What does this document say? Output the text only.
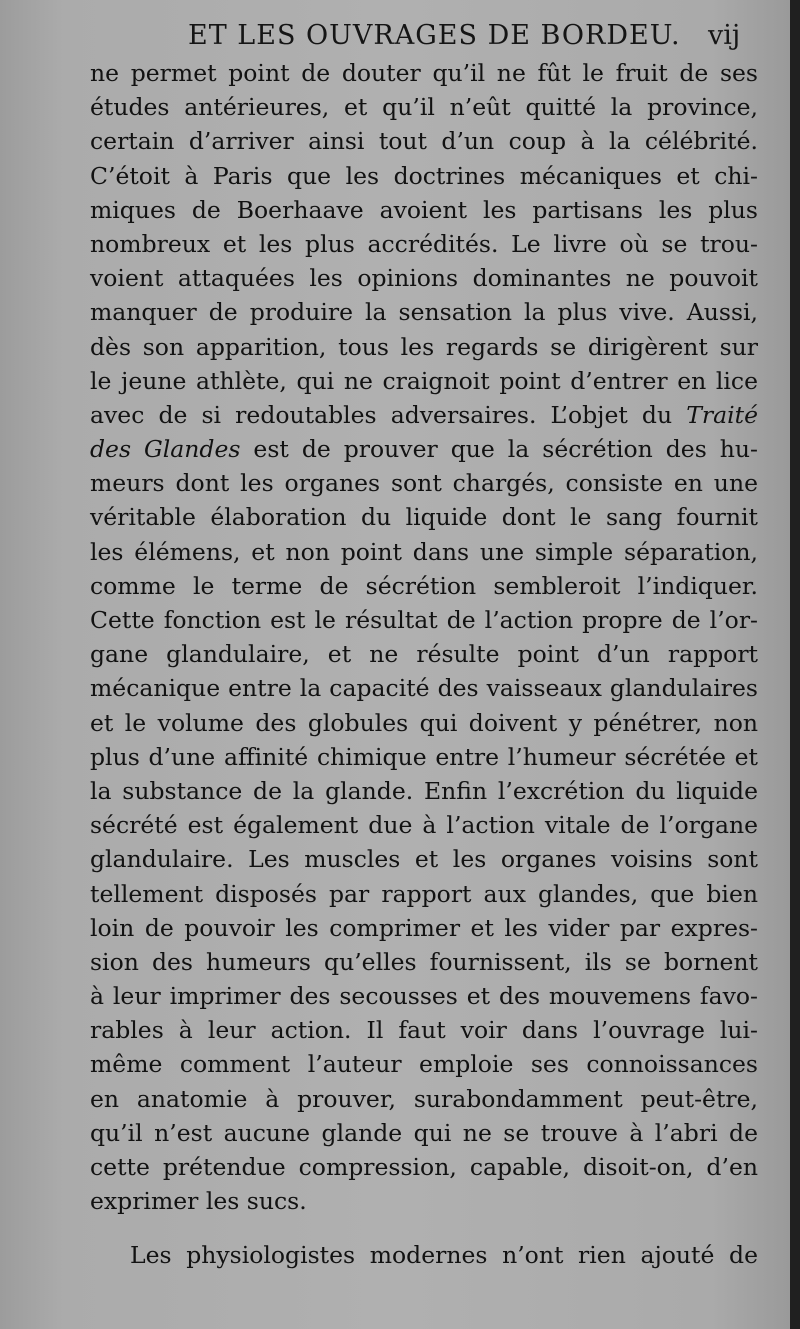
ET LES OUVRAGES DE BORDEU. vij
ne permet point de douter qu’il ne fût le fruit de ses
études antérieures, et qu’il n’eût quitté la province,
certain d’arriver ainsi tout d’un coup à la célébrité.
C’étoit à Paris que les doctrines mécaniques et chi-
miques de Boerhaave avoient les partisans les plus
nombreux et les plus accrédités. Le livre où se trou-
voient attaquées les opinions dominantes ne pouvoit
manquer de produire la sensation la plus vive. Aussi,
dès son apparition, tous les regards se dirigèrent sur
le jeune athlète, qui ne craignoit point d’entrer en lice
avec de si redoutables adversaires. L’objet du Traité
des Glandes est de prouver que la sécrétion des hu-
meurs dont les organes sont chargés, consiste en une
véritable élaboration du liquide dont le sang fournit
les élémens, et non point dans une simple séparation,
comme le terme de sécrétion sembleroit l’indiquer.
Cette fonction est le résultat de l’action propre de l’or-
gane glandulaire, et ne résulte point d’un rapport
mécanique entre la capacité des vaisseaux glandulaires
et le volume des globules qui doivent y pénétrer, non
plus d’une affinité chimique entre l’humeur sécrétée et
la substance de la glande. Enfin l’excrétion du liquide
sécrété est également due à l’action vitale de l’organe
glandulaire. Les muscles et les organes voisins sont
tellement disposés par rapport aux glandes, que bien
loin de pouvoir les comprimer et les vider par expres-
sion des humeurs qu’elles fournissent, ils se bornent
à leur imprimer des secousses et des mouvemens favo-
rables à leur action. Il faut voir dans l’ouvrage lui-
même comment l’auteur emploie ses connoissances
en anatomie à prouver, surabondamment peut-être,
qu’il n’est aucune glande qui ne se trouve à l’abri de
cette prétendue compression, capable, disoit-on, d’en
exprimer les sucs.
Les physiologistes modernes n’ont rien ajouté de
